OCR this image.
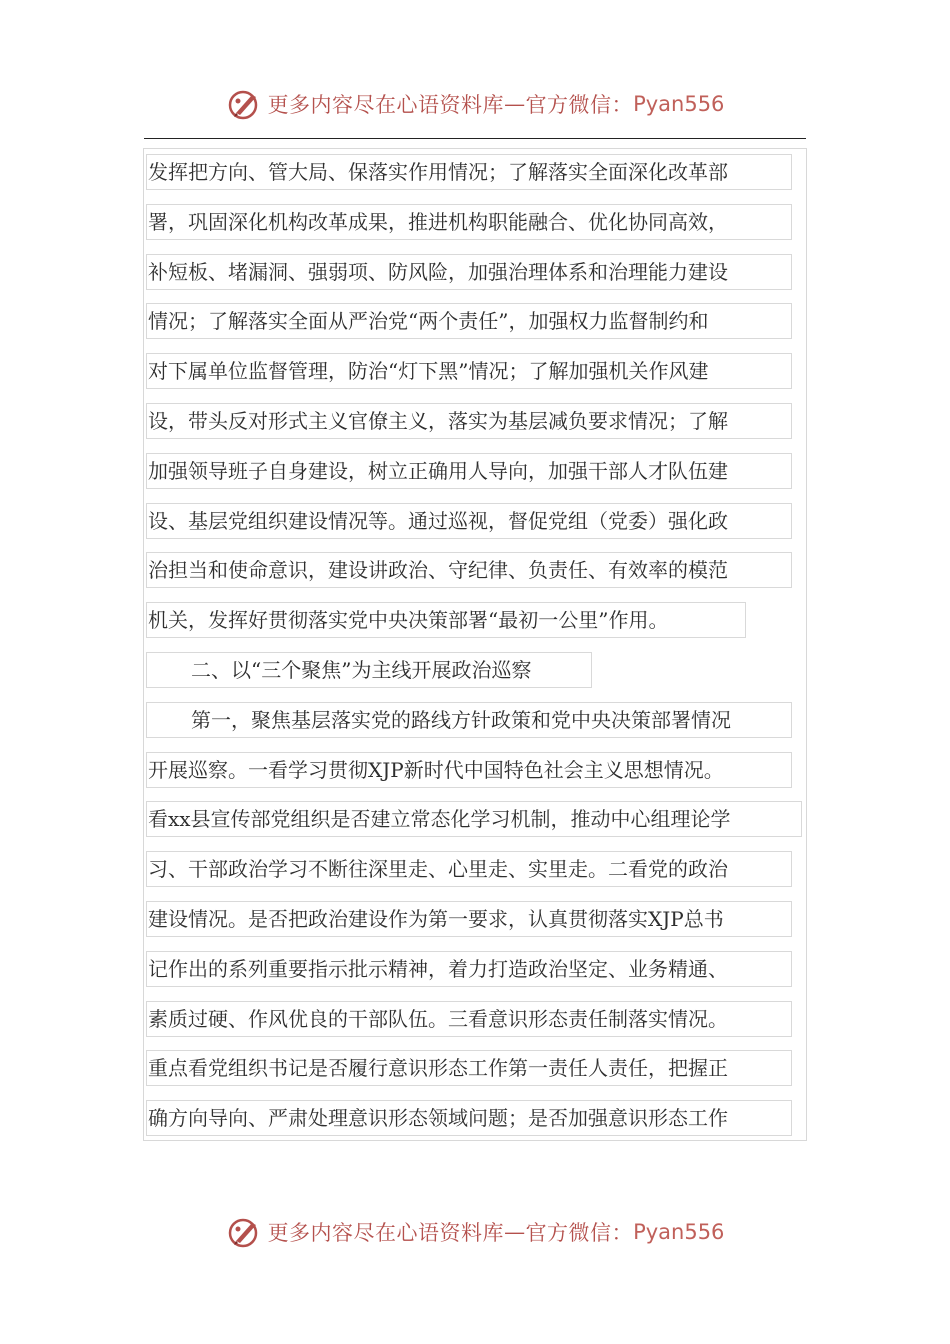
更多内容尽在心语资料库 — 官方微信： Pyan556
发挥把方向、管大局、保落实作用情况；了解落实全面深化改革部
署，巩固深化机构改革成果，推进机构职能融合、优化协同高效，
补短板、堵漏洞、强弱项、防风险，加强治理体系和治理能力建设
情况；了解落实全面从严治党“两个责任”，加强权力监督制约和
对下属单位监督管理，防治“灯下黑”情况；了解加强机关作风建
设，带头反对形式主义官僚主义，落实为基层减负要求情况；了解
加强领导班子自身建设，树立正确用人导向，加强干部人才队伍建
设、基层党组织建设情况等。通过巡视，督促党组（党委）强化政
治担当和使命意识，建设讲政治、守纪律、负责任、有效率的模范
机关，发挥好贯彻落实党中央决策部署“最初一公里”作用。
二、以“三个聚焦”为主线开展政治巡察
第一，聚焦基层落实党的路线方针政策和党中央决策部署情况
开展巡察。一看学习贯彻XJP新时代中国特色社会主义思想情况。
看xx县宣传部党组织是否建立常态化学习机制，推动中心组理论学
习、干部政治学习不断往深里走、心里走、实里走。二看党的政治
建设情况。是否把政治建设作为第一要求，认真贯彻落实XJP总书
记作出的系列重要指示批示精神，着力打造政治坚定、业务精通、
素质过硬、作风优良的干部队伍。三看意识形态责任制落实情况。
重点看党组织书记是否履行意识形态工作第一责任人责任，把握正
确方向导向、严肃处理意识形态领域问题；是否加强意识形态工作
更多内容尽在心语资料库 — 官方微信： Pyan556
